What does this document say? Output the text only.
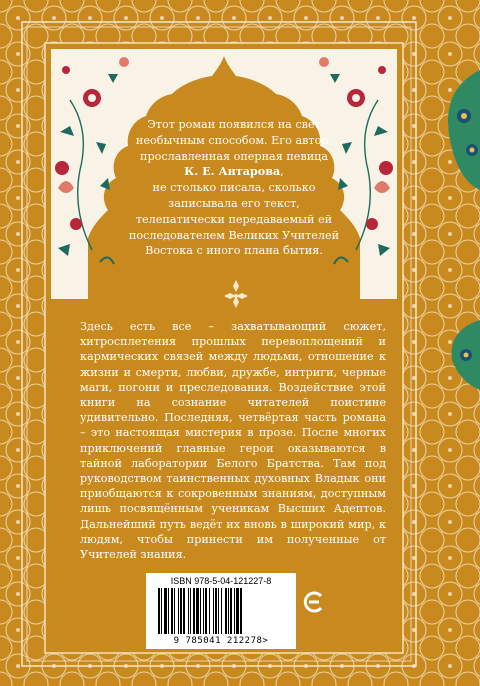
Этот роман появился на свет
необычным способом. Его автор,
прославленная оперная певица
К. Е. Антарова,
не столько писала, сколько
записывала его текст,
телепатически передаваемый ей
последователем Великих Учителей
Востока с иного плана бытия.
Здесь есть все – захватывающий сюжет, хитросплетения прошлых перевоплощений и кармических связей между людьми, отношение к жизни и смерти, любви, дружбе, интриги, черные маги, погони и преследования. Воздействие этой книги на сознание читателей поистине удивительно. Последняя, четвёртая часть романа – это настоящая мистерия в прозе. После многих приключений главные герои оказываются в тайной лаборатории Белого Братства. Там под руководством таинственных духовных Владык они приобщаются к сокровенным знаниям, доступным лишь посвящённым ученикам Высших Адептов. Дальнейший путь ведёт их вновь в широкий мир, к людям, чтобы принести им полученные от Учителей знания.
ISBN 978-5-04-121227-8
9 785041 212278>
